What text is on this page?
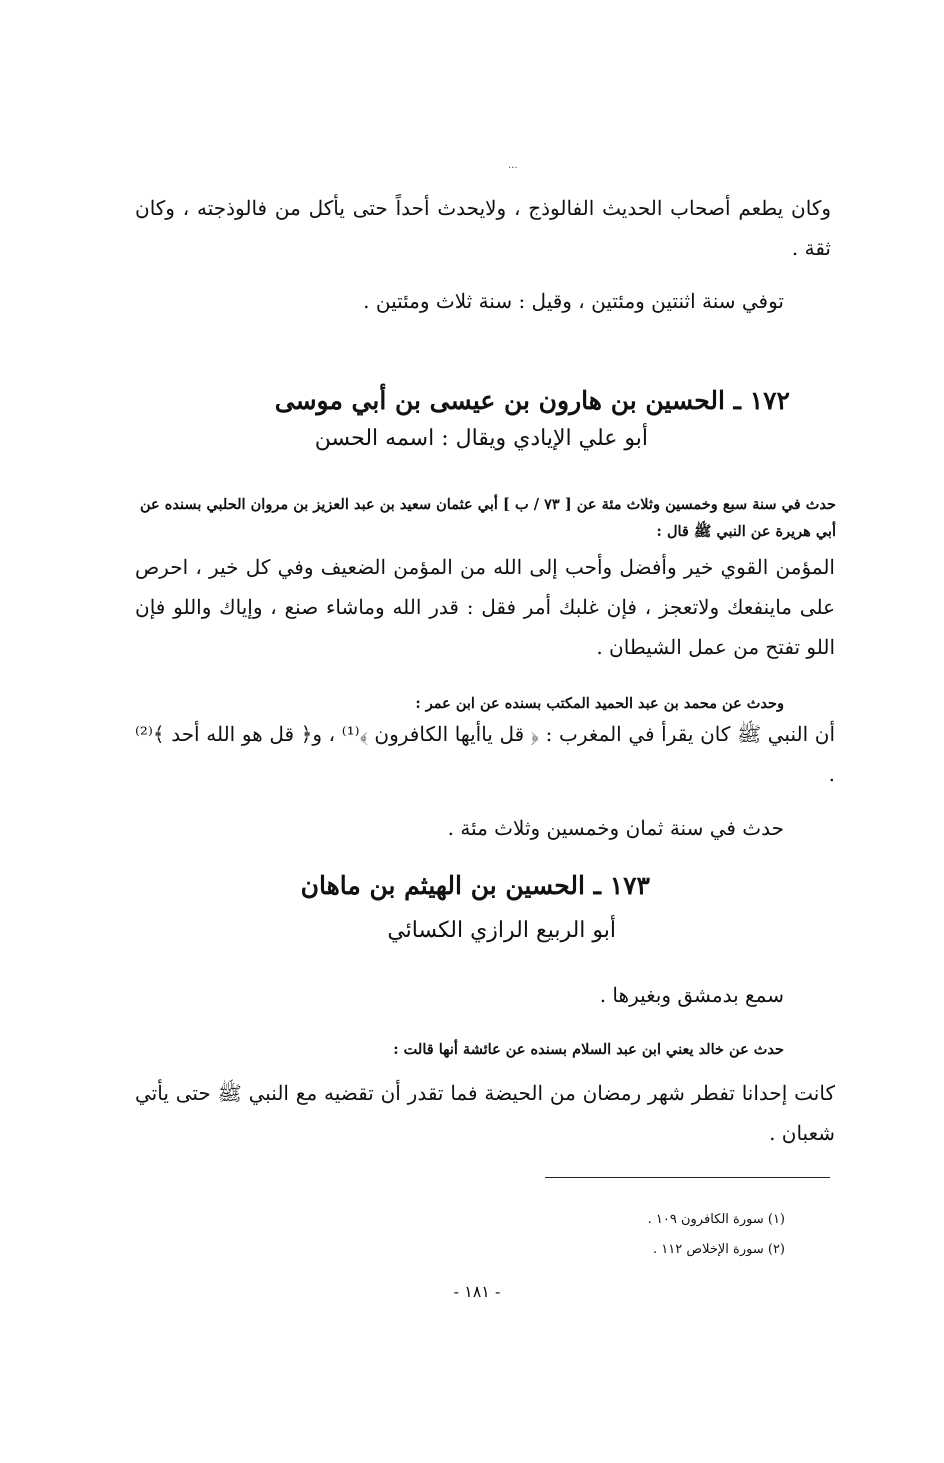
...

وكان يطعم أصحاب الحديث الفالوذج ، ولايحدث أحداً حتى يأكل من فالوذجته ، وكان ثقة .

توفي سنة اثنتين ومئتين ، وقيل : سنة ثلاث ومئتين .

١٧٢ ـ الحسين بن هارون بن عيسى بن أبي موسى
أبو علي الإيادي ويقال : اسمه الحسن

حدث في سنة سبع وخمسين وثلاث مئة عن [ ٧٣ / ب ] أبي عثمان سعيد بن عبد العزيز بن مروان الحلبي بسنده عن أبي هريرة عن النبي ﷺ قال :

المؤمن القوي خير وأفضل وأحب إلى الله من المؤمن الضعيف وفي كل خير ، احرص على ماينفعك ولاتعجز ، فإن غلبك أمر فقل : قدر الله وماشاء صنع ، وإياك واللو فإن اللو تفتح من عمل الشيطان .

وحدث عن محمد بن عبد الحميد المكتب بسنده عن ابن عمر :

أن النبي ﷺ كان يقرأ في المغرب : ﴿ قل ياأيها الكافرون ﴾⁽¹⁾ ، و﴿ قل هو الله أحد ﴾⁽²⁾ .

حدث في سنة ثمان وخمسين وثلاث مئة .

١٧٣ ـ الحسين بن الهيثم بن ماهان
أبو الربيع الرازي الكسائي

سمع بدمشق وبغيرها .

حدث عن خالد يعني ابن عبد السلام بسنده عن عائشة أنها قالت :

كانت إحدانا تفطر شهر رمضان من الحيضة فما تقدر أن تقضيه مع النبي ﷺ حتى يأتي شعبان .

(١) سورة الكافرون ١٠٩ .
(٢) سورة الإخلاص ١١٢ .
- ١٨١ -
